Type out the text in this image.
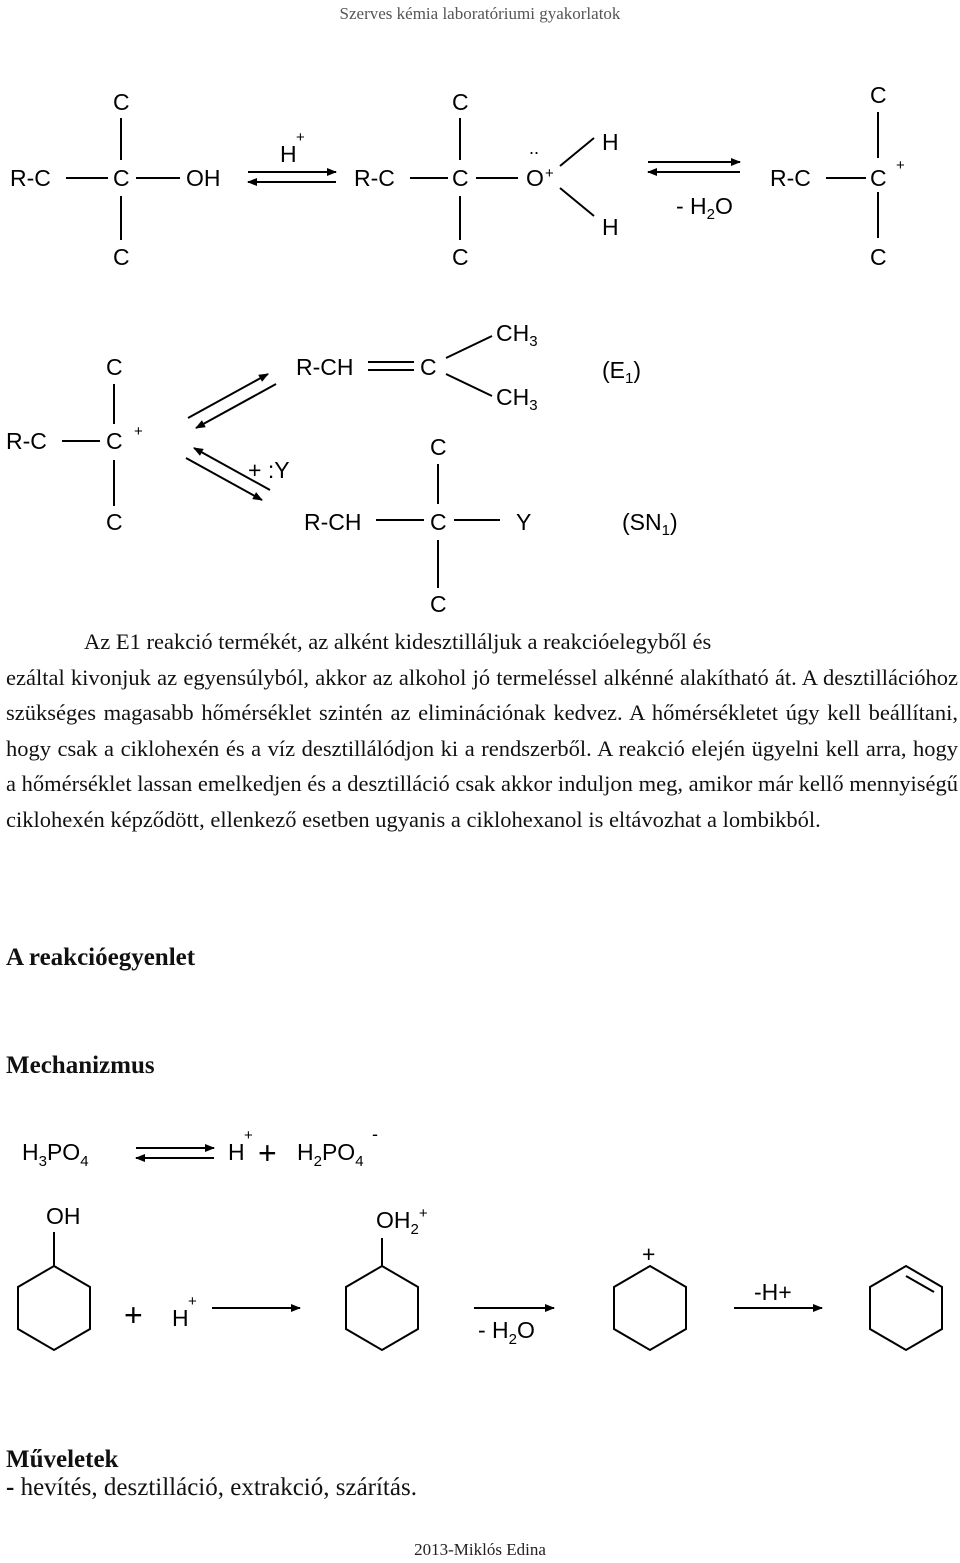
Szerves kémia laboratóriumi gyakorlatok
R-C	C
C
C
OH
H
+
R-C C
C
C
O +
..	H
H
- $H_2O$
R-C	C +
C
C
R-C	C +
C
C
+ :Y
R-CH	C
$CH_3$
$CH_3$
$(E_1)$
R-CH	C
C
C
Y	$(SN_1)$
$H_3PO_4$	H
+ + $H_2PO_4$
-
OH
+ H
+
$OH_2^+$
- $H_2O$
+
-H+
Az E1 reakció termékét, az alként kidesztilláljuk a reakcióelegyből és
ezáltal kivonjuk az egyensúlyból, akkor az alkohol jó termeléssel alkénné alakítható át. A desztillációhoz szükséges magasabb hőmérséklet szintén az eliminációnak kedvez. A hőmérsékletet úgy kell beállítani, hogy csak a ciklohexén és a víz desztillálódjon ki a rendszerből. A reakció elején ügyelni kell arra, hogy a hőmérséklet lassan emelkedjen és a desztilláció csak akkor induljon meg, amikor már kellő mennyiségű ciklohexén képződött, ellenkező esetben ugyanis a ciklohexanol is eltávozhat a lombikból.
A reakcióegyenlet
Mechanizmus
Műveletek
- hevítés, desztilláció, extrakció, szárítás.
2013-Miklós Edina
